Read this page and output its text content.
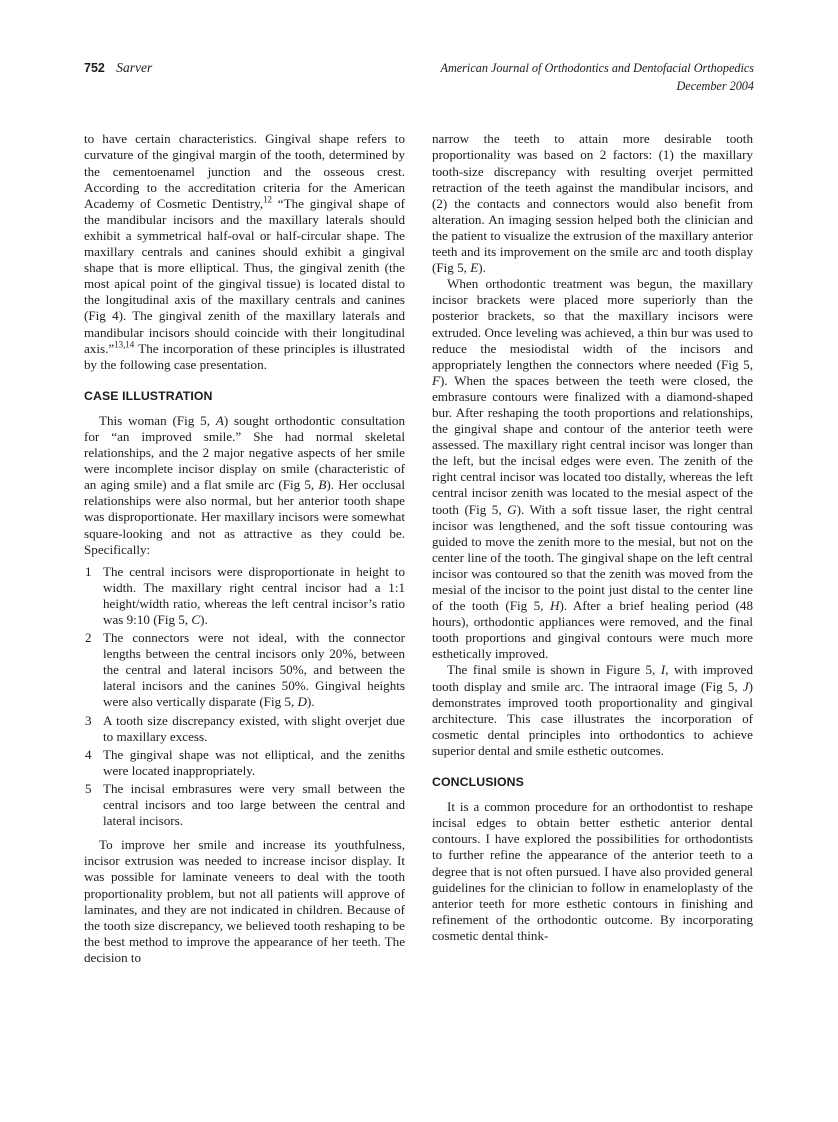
752 Sarver	American Journal of Orthodontics and Dentofacial Orthopedics
December 2004

to have certain characteristics. Gingival shape refers to curvature of the gingival margin of the tooth, determined by the cementoenamel junction and the osseous crest. According to the accreditation criteria for the American Academy of Cosmetic Dentistry,$^{12}$ “The gingival shape of the mandibular incisors and the maxillary laterals should exhibit a symmetrical half-oval or half-circular shape. The maxillary centrals and canines should exhibit a gingival shape that is more elliptical. Thus, the gingival zenith (the most apical point of the gingival tissue) is located distal to the longitudinal axis of the maxillary centrals and canines (Fig 4). The gingival zenith of the maxillary laterals and mandibular incisors should coincide with their longitudinal axis.”$^{13,14}$ The incorporation of these principles is illustrated by the following case presentation.

CASE ILLUSTRATION

This woman (Fig 5, A) sought orthodontic consultation for “an improved smile.” She had normal skeletal relationships, and the 2 major negative aspects of her smile were incomplete incisor display on smile (characteristic of an aging smile) and a flat smile arc (Fig 5, B). Her occlusal relationships were also normal, but her anterior tooth shape was disproportionate. Her maxillary incisors were somewhat square-looking and not as attractive as they could be. Specifically:

1 The central incisors were disproportionate in height to width. The maxillary right central incisor had a 1:1 height/width ratio, whereas the left central incisor’s ratio was 9:10 (Fig 5, C).
2 The connectors were not ideal, with the connector lengths between the central incisors only 20%, between the central and lateral incisors 50%, and between the lateral incisors and the canines 50%. Gingival heights were also vertically disparate (Fig 5, D).
3 A tooth size discrepancy existed, with slight overjet due to maxillary excess.
4 The gingival shape was not elliptical, and the zeniths were located inappropriately.
5 The incisal embrasures were very small between the central incisors and too large between the central and lateral incisors.

To improve her smile and increase its youthfulness, incisor extrusion was needed to increase incisor display. It was possible for laminate veneers to deal with the tooth proportionality problem, but not all patients will approve of laminates, and they are not indicated in children. Because of the tooth size discrepancy, we believed tooth reshaping to be the best method to improve the appearance of her teeth. The decision to

narrow the teeth to attain more desirable tooth proportionality was based on 2 factors: (1) the maxillary tooth-size discrepancy with resulting overjet permitted retraction of the teeth against the mandibular incisors, and (2) the contacts and connectors would also benefit from alteration. An imaging session helped both the clinician and the patient to visualize the extrusion of the maxillary anterior teeth and its improvement on the smile arc and tooth display (Fig 5, E).

When orthodontic treatment was begun, the maxillary incisor brackets were placed more superiorly than the posterior brackets, so that the maxillary incisors were extruded. Once leveling was achieved, a thin bur was used to reduce the mesiodistal width of the incisors and appropriately lengthen the connectors where needed (Fig 5, F). When the spaces between the teeth were closed, the embrasure contours were finalized with a diamond-shaped bur. After reshaping the tooth proportions and relationships, the gingival shape and contour of the anterior teeth were assessed. The maxillary right central incisor was longer than the left, but the incisal edges were even. The zenith of the right central incisor was located too distally, whereas the left central incisor zenith was located to the mesial aspect of the tooth (Fig 5, G). With a soft tissue laser, the right central incisor was lengthened, and the soft tissue contouring was guided to move the zenith more to the mesial, but not on the center line of the tooth. The gingival shape on the left central incisor was contoured so that the zenith was moved from the mesial of the incisor to the point just distal to the center line of the tooth (Fig 5, H). After a brief healing period (48 hours), orthodontic appliances were removed, and the final tooth proportions and gingival contours were much more esthetically improved.

The final smile is shown in Figure 5, I, with improved tooth display and smile arc. The intraoral image (Fig 5, J) demonstrates improved tooth proportionality and gingival architecture. This case illustrates the incorporation of cosmetic dental principles into orthodontics to achieve superior dental and smile esthetic outcomes.

CONCLUSIONS

It is a common procedure for an orthodontist to reshape incisal edges to obtain better esthetic anterior dental contours. I have explored the possibilities for orthodontists to further refine the appearance of the anterior teeth to a degree that is not often pursued. I have also provided general guidelines for the clinician to follow in enameloplasty of the anterior teeth for more esthetic contours in finishing and refinement of the orthodontic outcome. By incorporating cosmetic dental think-
